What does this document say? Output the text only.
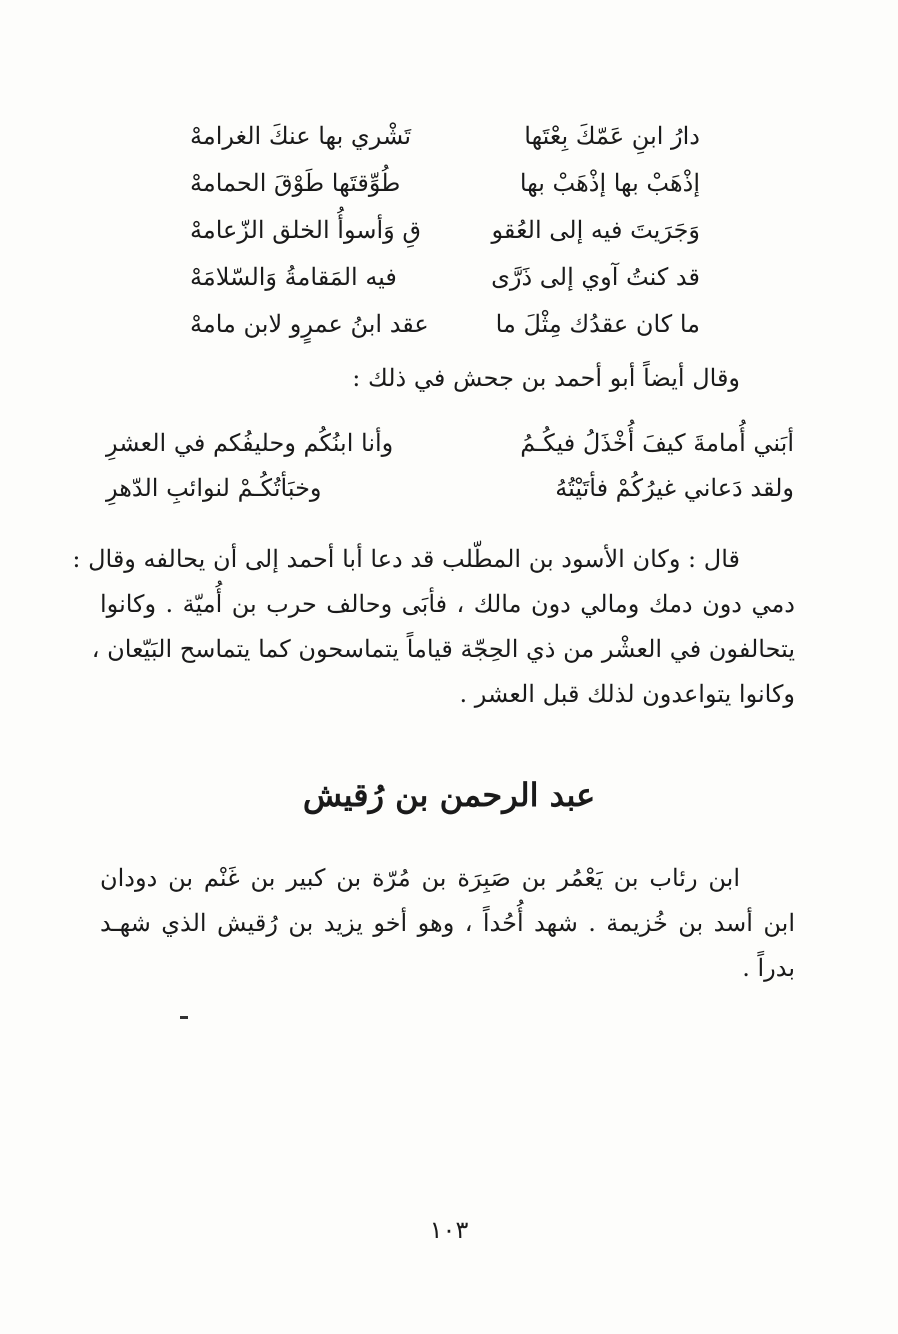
دارُ ابنِ عَمّكَ بِعْتَها
تَشْري بها عنكَ الغرامهْ
إذْهَبْ بها إذْهَبْ بها
طُوِّقتَها طَوْقَ الحمامهْ
وَجَرَيتَ فيه إلى العُقو
قِ وَأسوأُ الخلق الزّعامهْ
قد كنتُ آوي إلى ذَرَّى
فيه المَقامةُ وَالسّلامَهْ
ما كان عقدُك مِثْلَ ما
عقد ابنُ عمرٍو لابن مامهْ
وقال أيضاً أبو أحمد بن جحش في ذلك :
أبَني أُمامةَ كيفَ أُخْذَلُ فيكُـمُ
وأنا ابنُكُم وحليفُكم في العشرِ
ولقد دَعاني غيرُكُمْ فأتَيْتُهُ
وخبَأتُكُـمْ لنوائبِ الدّهرِ
قال : وكان الأسود بن المطّلب قد دعا أبا أحمد إلى أن يحالفه وقال :
دمي دون دمك ومالي دون مالك ، فأبَى وحالف حرب بن أُميّة . وكانوا
يتحالفون في العشْر من ذي الحِجّة قياماً يتماسحون كما يتماسح البَيّعان ،
وكانوا يتواعدون لذلك قبل العشر .
عبد الرحمن بن رُقيش
ابن رئاب بن يَعْمُر بن صَبِرَة بن مُرّة بن كبير بن غَنْم بن دودان
ابن أسد بن خُزيمة . شهد أُحُداً ، وهو أخو يزيد بن رُقيش الذي شهـد
بدراً .
١٠٣
